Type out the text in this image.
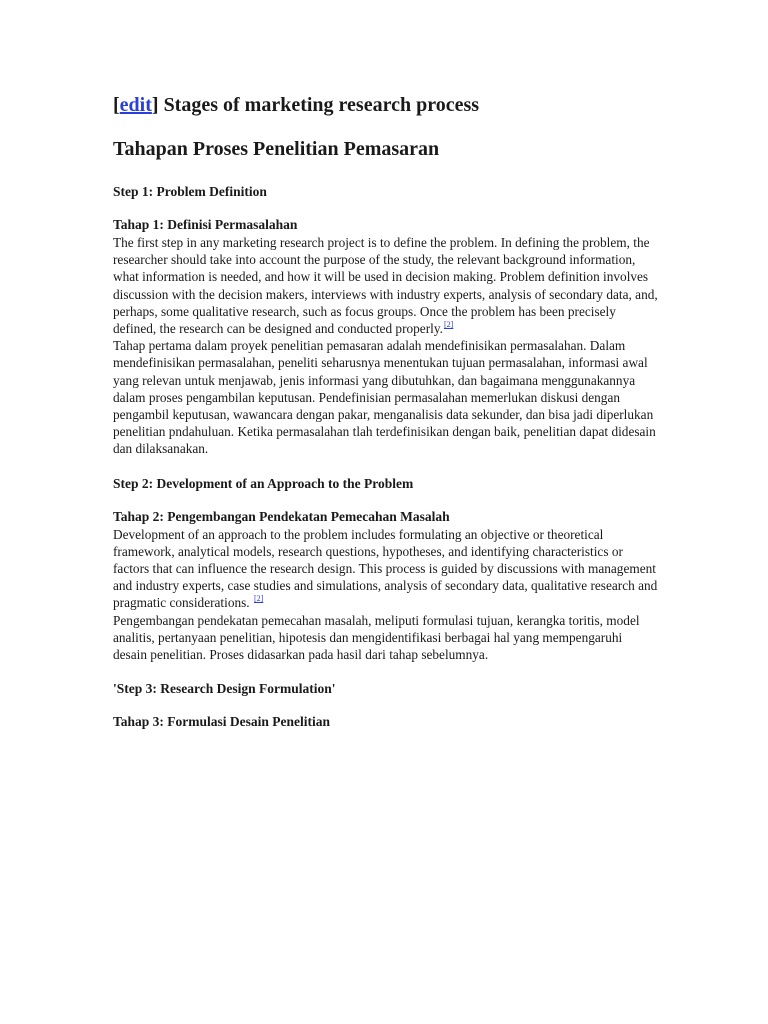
[edit] Stages of marketing research process
Tahapan Proses Penelitian Pemasaran

Step 1: Problem Definition

Tahap 1: Definisi Permasalahan

The first step in any marketing research project is to define the problem. In defining the problem, the researcher should take into account the purpose of the study, the relevant background information, what information is needed, and how it will be used in decision making. Problem definition involves discussion with the decision makers, interviews with industry experts, analysis of secondary data, and, perhaps, some qualitative research, such as focus groups. Once the problem has been precisely defined, the research can be designed and conducted properly.[2]

Tahap pertama dalam proyek penelitian pemasaran adalah mendefinisikan permasalahan. Dalam mendefinisikan permasalahan, peneliti seharusnya menentukan tujuan permasalahan, informasi awal yang relevan untuk menjawab, jenis informasi yang dibutuhkan, dan bagaimana menggunakannya dalam proses pengambilan keputusan. Pendefinisian permasalahan memerlukan diskusi dengan pengambil keputusan, wawancara dengan pakar, menganalisis data sekunder, dan bisa jadi diperlukan penelitian pndahuluan. Ketika permasalahan tlah terdefinisikan dengan baik, penelitian dapat didesain dan dilaksanakan.

Step 2: Development of an Approach to the Problem

Tahap 2: Pengembangan Pendekatan Pemecahan Masalah

Development of an approach to the problem includes formulating an objective or theoretical framework, analytical models, research questions, hypotheses, and identifying characteristics or factors that can influence the research design. This process is guided by discussions with management and industry experts, case studies and simulations, analysis of secondary data, qualitative research and pragmatic considerations. [2]

Pengembangan pendekatan pemecahan masalah, meliputi formulasi tujuan, kerangka toritis, model analitis, pertanyaan penelitian, hipotesis dan mengidentifikasi berbagai hal yang mempengaruhi desain penelitian. Proses didasarkan pada hasil dari tahap sebelumnya.

'Step 3: Research Design Formulation'

Tahap 3: Formulasi Desain Penelitian
